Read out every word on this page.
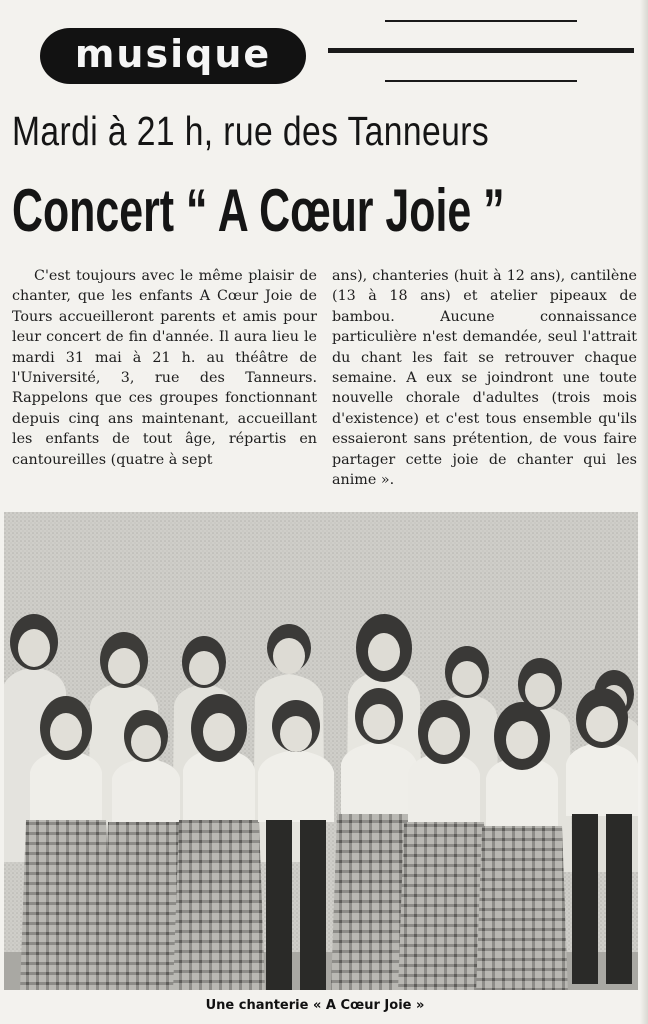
musique
Mardi à 21 h, rue des Tanneurs
Concert “ A Cœur Joie ”

C'est toujours avec le même plaisir de chanter, que les enfants A Cœur Joie de Tours accueilleront parents et amis pour leur concert de fin d'année. Il aura lieu le mardi 31 mai à 21 h. au théâtre de l'Université, 3, rue des Tanneurs. Rappelons que ces groupes fonctionnant depuis cinq ans maintenant, accueillant les enfants de tout âge, répartis en cantoureilles (quatre à sept

ans), chanteries (huit à 12 ans), cantilène (13 à 18 ans) et atelier pipeaux de bambou. Aucune connaissance particulière n'est demandée, seul l'attrait du chant les fait se retrouver chaque semaine. A eux se joindront une toute nouvelle chorale d'adultes (trois mois d'existence) et c'est tous ensemble qu'ils essaieront sans prétention, de vous faire partager cette joie de chanter qui les anime ».

Une chanterie « A Cœur Joie »
